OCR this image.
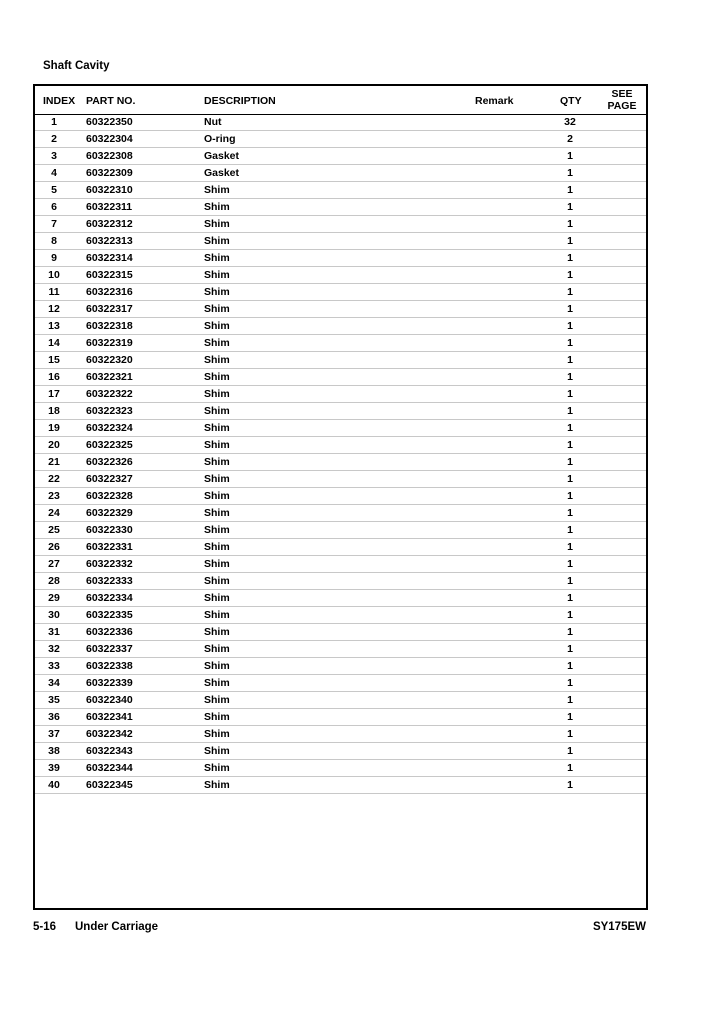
Shaft Cavity
INDEX PART NO.	DESCRIPTION	Remark	QTY
SEE
PAGE
1	60322350	Nut	32
2	60322304	O-ring	2
3	60322308	Gasket	1
4	60322309	Gasket	1
5	60322310	Shim	1
6	60322311	Shim	1
7	60322312	Shim	1
8	60322313	Shim	1
9	60322314	Shim	1
10	60322315	Shim	1
11	60322316	Shim	1
12	60322317	Shim	1
13	60322318	Shim	1
14	60322319	Shim	1
15	60322320	Shim	1
16	60322321	Shim	1
17	60322322	Shim	1
18	60322323	Shim	1
19	60322324	Shim	1
20	60322325	Shim	1
21	60322326	Shim	1
22	60322327	Shim	1
23	60322328	Shim	1
24	60322329	Shim	1
25	60322330	Shim	1
26	60322331	Shim	1
27	60322332	Shim	1
28	60322333	Shim	1
29	60322334	Shim	1
30	60322335	Shim	1
31	60322336	Shim	1
32	60322337	Shim	1
33	60322338	Shim	1
34	60322339	Shim	1
35	60322340	Shim	1
36	60322341	Shim	1
37	60322342	Shim	1
38	60322343	Shim	1
39	60322344	Shim	1
40	60322345	Shim	1
5-16 Under Carriage	SY175EW
